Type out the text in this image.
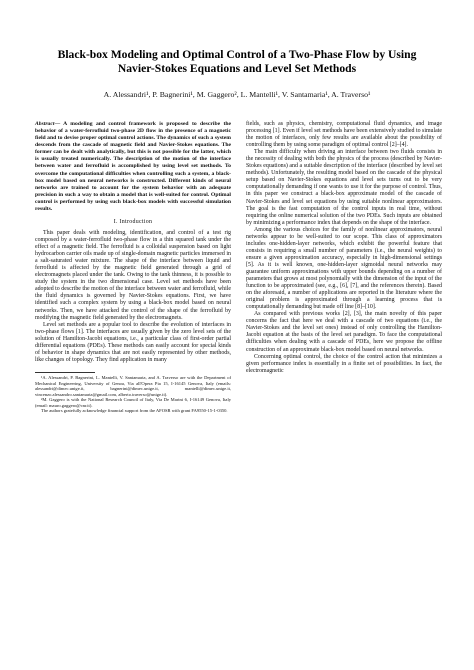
Black-box Modeling and Optimal Control of a Two-Phase Flow by Using Navier-Stokes Equations and Level Set Methods
A. Alessandri¹, P. Bagnerini¹, M. Gaggero², L. Mantelli¹, V. Santamaria¹, A. Traverso¹

Abstract— A modeling and control framework is proposed to describe the behavior of a water-ferrofluid two-phase 2D flow in the presence of a magnetic field and to devise proper optimal control actions. The dynamics of such a system descends from the cascade of magnetic field and Navier-Stokes equations. The former can be dealt with analytically, but this is not possible for the latter, which is usually treated numerically. The description of the motion of the interface between water and ferrofluid is accomplished by using level set methods. To overcome the computational difficulties when controlling such a system, a black-box model based on neural networks is constructed. Different kinds of neural networks are trained to account for the system behavior with an adequate precision in such a way to obtain a model that is well-suited for control. Optimal control is performed by using such black-box models with successful simulation results.

I. Introduction

This paper deals with modeling, identification, and control of a test rig composed by a water-ferrofluid two-phase flow in a thin squared tank under the effect of a magnetic field. The ferrofluid is a colloidal suspension based on light hydrocarbon carrier oils made up of single-domain magnetic particles immersed in a salt-saturated water mixture. The shape of the interface between liquid and ferrofluid is affected by the magnetic field generated through a grid of electromagnets placed under the tank. Owing to the tank thinness, it is possible to study the system in the two dimensional case. Level set methods have been adopted to describe the motion of the interface between water and ferrofluid, while the fluid dynamics is governed by Navier-Stokes equations. First, we have identified such a complex system by using a black-box model based on neural networks. Then, we have attacked the control of the shape of the ferrofluid by modifying the magnetic field generated by the electromagnets.

Level set methods are a popular tool to describe the evolution of interfaces in two-phase flows [1]. The interfaces are usually given by the zero level sets of the solution of Hamilton-Jacobi equations, i.e., a particular class of first-order partial differential equations (PDEs). These methods can easily account for special kinds of behavior in shape dynamics that are not easily represented by other methods, like changes of topology. They find application in many

¹A. Alessandri, P. Bagnerini, L. Mantelli, V. Santamaria, and A. Traverso are with the Department of Mechanical Engineering, University of Genoa, Via all'Opera Pia 15, I-16145 Genova, Italy (emails: alessandri@dimec.unige.it, bagnerini@dimec.unige.it, mantelli@dimec.unige.it, vincenzo.alessandro.santamaria@gmail.com, alberto.traverso@unige.it).

²M. Gaggero is with the National Research Council of Italy, Via De Marini 6, I-16149 Genova, Italy (email: mauro.gaggero@cnr.it).

The authors gratefully acknowledge financial support from the AFOSR with grant FA9550-15-1-0350.

fields, such as physics, chemistry, computational fluid dynamics, and image processing [1]. Even if level set methods have been extensively studied to simulate the motion of interfaces, only few results are available about the possibility of controlling them by using some paradigm of optimal control [2]–[4].

The main difficulty when driving an interface between two fluids consists in the necessity of dealing with both the physics of the process (described by Navier-Stokes equations) and a suitable description of the interface (described by level set methods). Unfortunately, the resulting model based on the cascade of the physical setup based on Navier-Stokes equations and level sets turns out to be very computationally demanding if one wants to use it for the purpose of control. Thus, in this paper we construct a black-box approximate model of the cascade of Navier-Stokes and level set equations by using suitable nonlinear approximators. The goal is the fast computation of the control inputs in real time, without requiring the online numerical solution of the two PDEs. Such inputs are obtained by minimizing a performance index that depends on the shape of the interface.

Among the various choices for the family of nonlinear approximators, neural networks appear to be well-suited to our scope. This class of approximators includes one-hidden-layer networks, which exhibit the powerful feature that consists in requiring a small number of parameters (i.e., the neural weights) to ensure a given approximation accuracy, especially in high-dimensional settings [5]. As it is well known, one-hidden-layer sigmoidal neural networks may guarantee uniform approximations with upper bounds depending on a number of parameters that grows at most polynomially with the dimension of the input of the function to be approximated (see, e.g., [6], [7], and the references therein). Based on the aforesaid, a number of applications are reported in the literature where the original problem is approximated through a learning process that is computationally demanding but made off line [8]–[10].

As compared with previous works [2], [3], the main novelty of this paper concerns the fact that here we deal with a cascade of two equations (i.e., the Navier-Stokes and the level set ones) instead of only controlling the Hamilton-Jacobi equation at the basis of the level set paradigm. To face the computational difficulties when dealing with a cascade of PDEs, here we propose the offline construction of an approximate black-box model based on neural networks.

Concerning optimal control, the choice of the control action that minimizes a given performance index is essentially in a finite set of possibilities. In fact, the electromagnetic
